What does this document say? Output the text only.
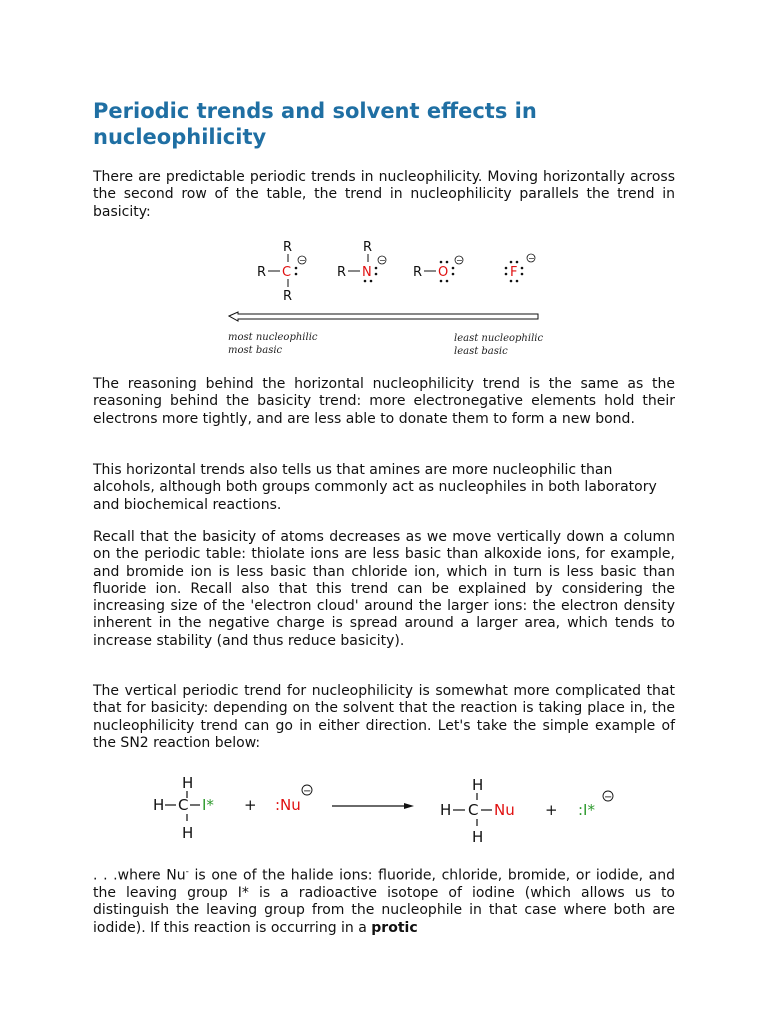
Periodic trends and solvent effects in nucleophilicity

There are predictable periodic trends in nucleophilicity. Moving horizontally across the second row of the table, the trend in nucleophilicity parallels the trend in basicity:

The reasoning behind the horizontal nucleophilicity trend is the same as the reasoning behind the basicity trend: more electronegative elements hold their electrons more tightly, and are less able to donate them to form a new bond.

This horizontal trends also tells us that amines are more nucleophilic than alcohols, although both groups commonly act as nucleophiles in both laboratory and biochemical reactions.

Recall that the basicity of atoms decreases as we move vertically down a column on the periodic table: thiolate ions are less basic than alkoxide ions, for example, and bromide ion is less basic than chloride ion, which in turn is less basic than fluoride ion. Recall also that this trend can be explained by considering the increasing size of the 'electron cloud' around the larger ions: the electron density inherent in the negative charge is spread around a larger area, which tends to increase stability (and thus reduce basicity).

The vertical periodic trend for nucleophilicity is somewhat more complicated that that for basicity: depending on the solvent that the reaction is taking place in, the nucleophilicity trend can go in either direction. Let's take the simple example of the SN2 reaction below:

. . .where Nu- is one of the halide ions: fluoride, chloride, bromide, or iodide, and the leaving group I* is a radioactive isotope of iodine (which allows us to distinguish the leaving group from the nucleophile in that case where both are iodide). If this reaction is occurring in a protic

R
R C
−
R
R
R N
−
R O
−
F
−
most nucleophilic
most basic
least nucleophilic
least basic
H
H C I*
H
+ :Nu
−	H
H C Nu
H
+ :I*
−
